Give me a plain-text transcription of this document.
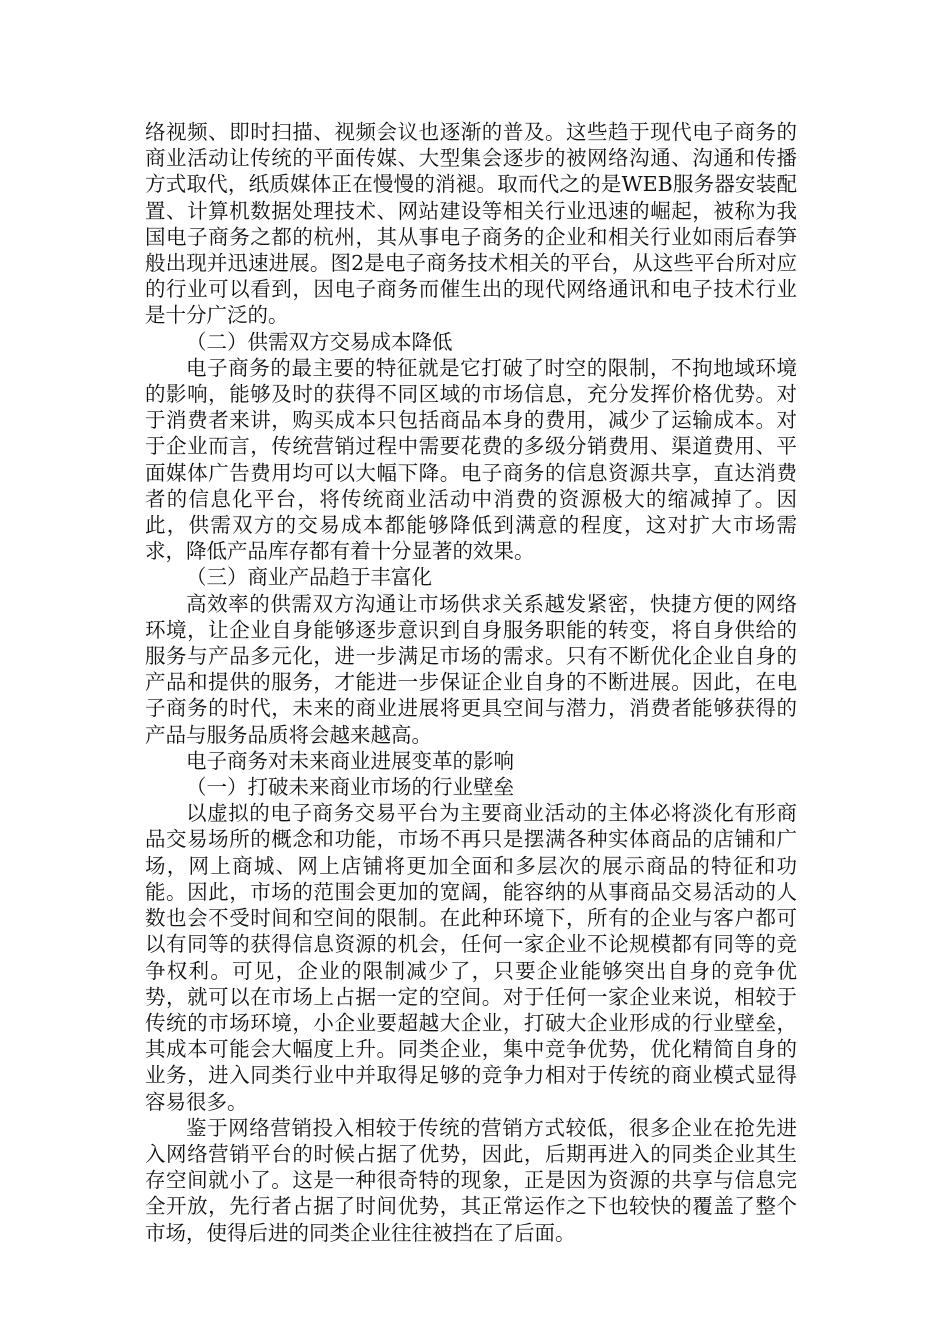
络视频、即时扫描、视频会议也逐渐的普及。这些趋于现代电子商务的商业活动让传统的平面传媒、大型集会逐步的被网络沟通、沟通和传播方式取代，纸质媒体正在慢慢的消褪。取而代之的是WEB服务器安装配置、计算机数据处理技术、网站建设等相关行业迅速的崛起，被称为我国电子商务之都的杭州，其从事电子商务的企业和相关行业如雨后春笋般出现并迅速进展。图2是电子商务技术相关的平台，从这些平台所对应的行业可以看到，因电子商务而催生出的现代网络通讯和电子技术行业是十分广泛的。

（二）供需双方交易成本降低

电子商务的最主要的特征就是它打破了时空的限制，不拘地域环境的影响，能够及时的获得不同区域的市场信息，充分发挥价格优势。对于消费者来讲，购买成本只包括商品本身的费用，减少了运输成本。对于企业而言，传统营销过程中需要花费的多级分销费用、渠道费用、平面媒体广告费用均可以大幅下降。电子商务的信息资源共享，直达消费者的信息化平台，将传统商业活动中消费的资源极大的缩减掉了。因此，供需双方的交易成本都能够降低到满意的程度，这对扩大市场需求，降低产品库存都有着十分显著的效果。

（三）商业产品趋于丰富化

高效率的供需双方沟通让市场供求关系越发紧密，快捷方便的网络环境，让企业自身能够逐步意识到自身服务职能的转变，将自身供给的服务与产品多元化，进一步满足市场的需求。只有不断优化企业自身的产品和提供的服务，才能进一步保证企业自身的不断进展。因此，在电子商务的时代，未来的商业进展将更具空间与潜力，消费者能够获得的产品与服务品质将会越来越高。

电子商务对未来商业进展变革的影响

（一）打破未来商业市场的行业壁垒

以虚拟的电子商务交易平台为主要商业活动的主体必将淡化有形商品交易场所的概念和功能，市场不再只是摆满各种实体商品的店铺和广场，网上商城、网上店铺将更加全面和多层次的展示商品的特征和功能。因此，市场的范围会更加的宽阔，能容纳的从事商品交易活动的人数也会不受时间和空间的限制。在此种环境下，所有的企业与客户都可以有同等的获得信息资源的机会，任何一家企业不论规模都有同等的竞争权利。可见，企业的限制减少了，只要企业能够突出自身的竞争优势，就可以在市场上占据一定的空间。对于任何一家企业来说，相较于传统的市场环境，小企业要超越大企业，打破大企业形成的行业壁垒，其成本可能会大幅度上升。同类企业，集中竞争优势，优化精简自身的业务，进入同类行业中并取得足够的竞争力相对于传统的商业模式显得容易很多。

鉴于网络营销投入相较于传统的营销方式较低，很多企业在抢先进入网络营销平台的时候占据了优势，因此，后期再进入的同类企业其生存空间就小了。这是一种很奇特的现象，正是因为资源的共享与信息完全开放，先行者占据了时间优势，其正常运作之下也较快的覆盖了整个市场，使得后进的同类企业往往被挡在了后面。
